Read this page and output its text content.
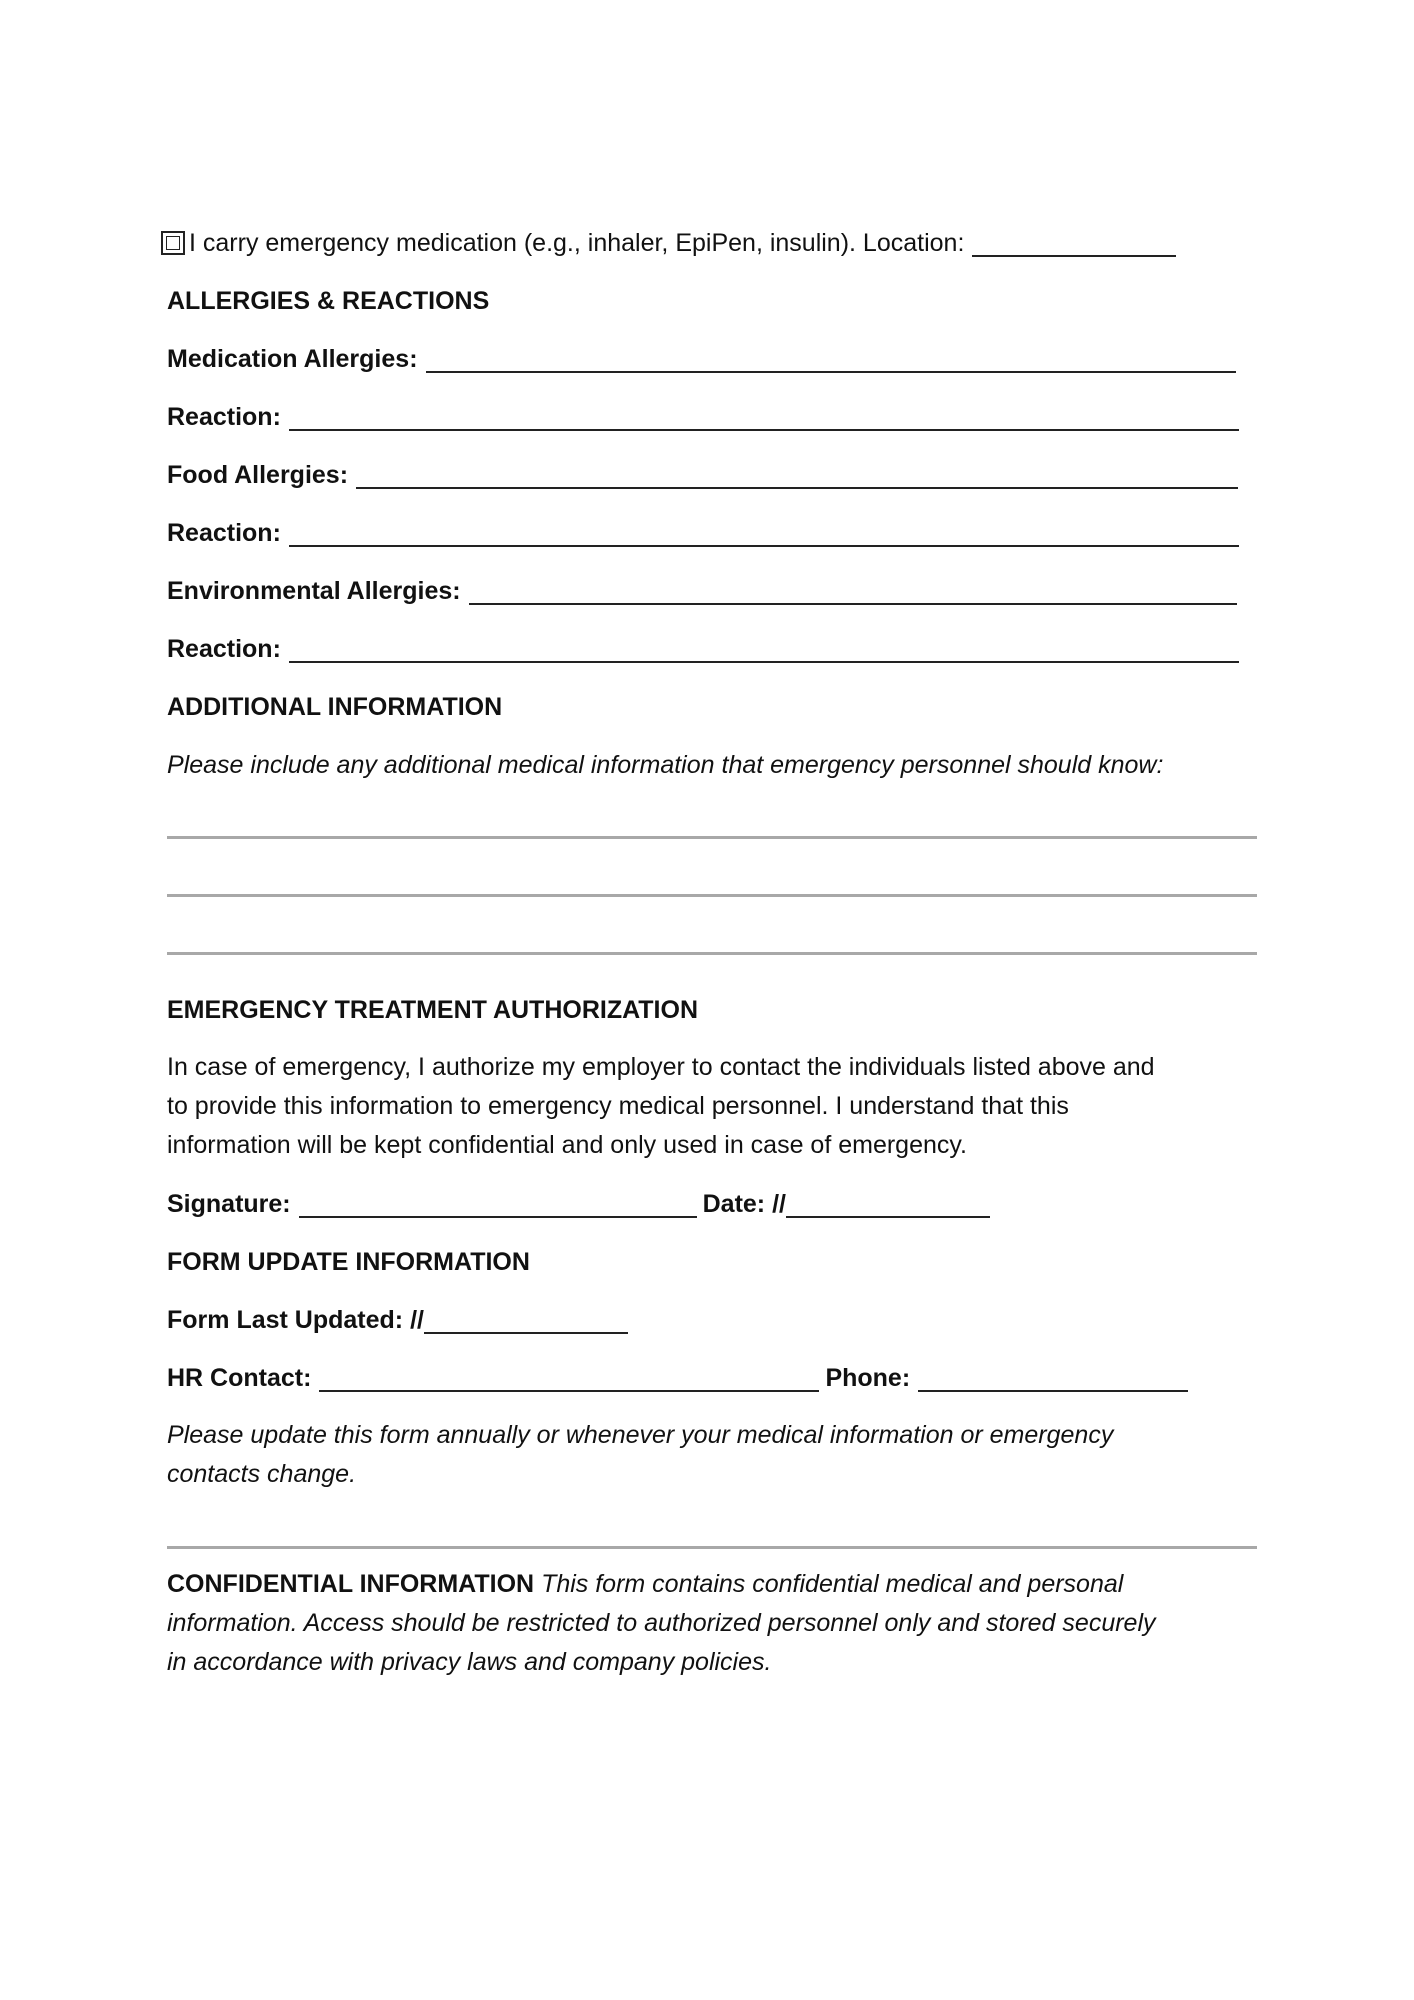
I carry emergency medication (e.g., inhaler, EpiPen, insulin). Location:
ALLERGIES & REACTIONS
Medication Allergies:
Reaction:
Food Allergies:
Reaction:
Environmental Allergies:
Reaction:
ADDITIONAL INFORMATION
Please include any additional medical information that emergency personnel should know:
EMERGENCY TREATMENT AUTHORIZATION
In case of emergency, I authorize my employer to contact the individuals listed above and
to provide this information to emergency medical personnel. I understand that this
information will be kept confidential and only used in case of emergency.
Signature:	Date: //
FORM UPDATE INFORMATION
Form Last Updated: //
HR Contact:	Phone:
Please update this form annually or whenever your medical information or emergency
contacts change.
CONFIDENTIAL INFORMATION This form contains confidential medical and personal
information. Access should be restricted to authorized personnel only and stored securely
in accordance with privacy laws and company policies.
